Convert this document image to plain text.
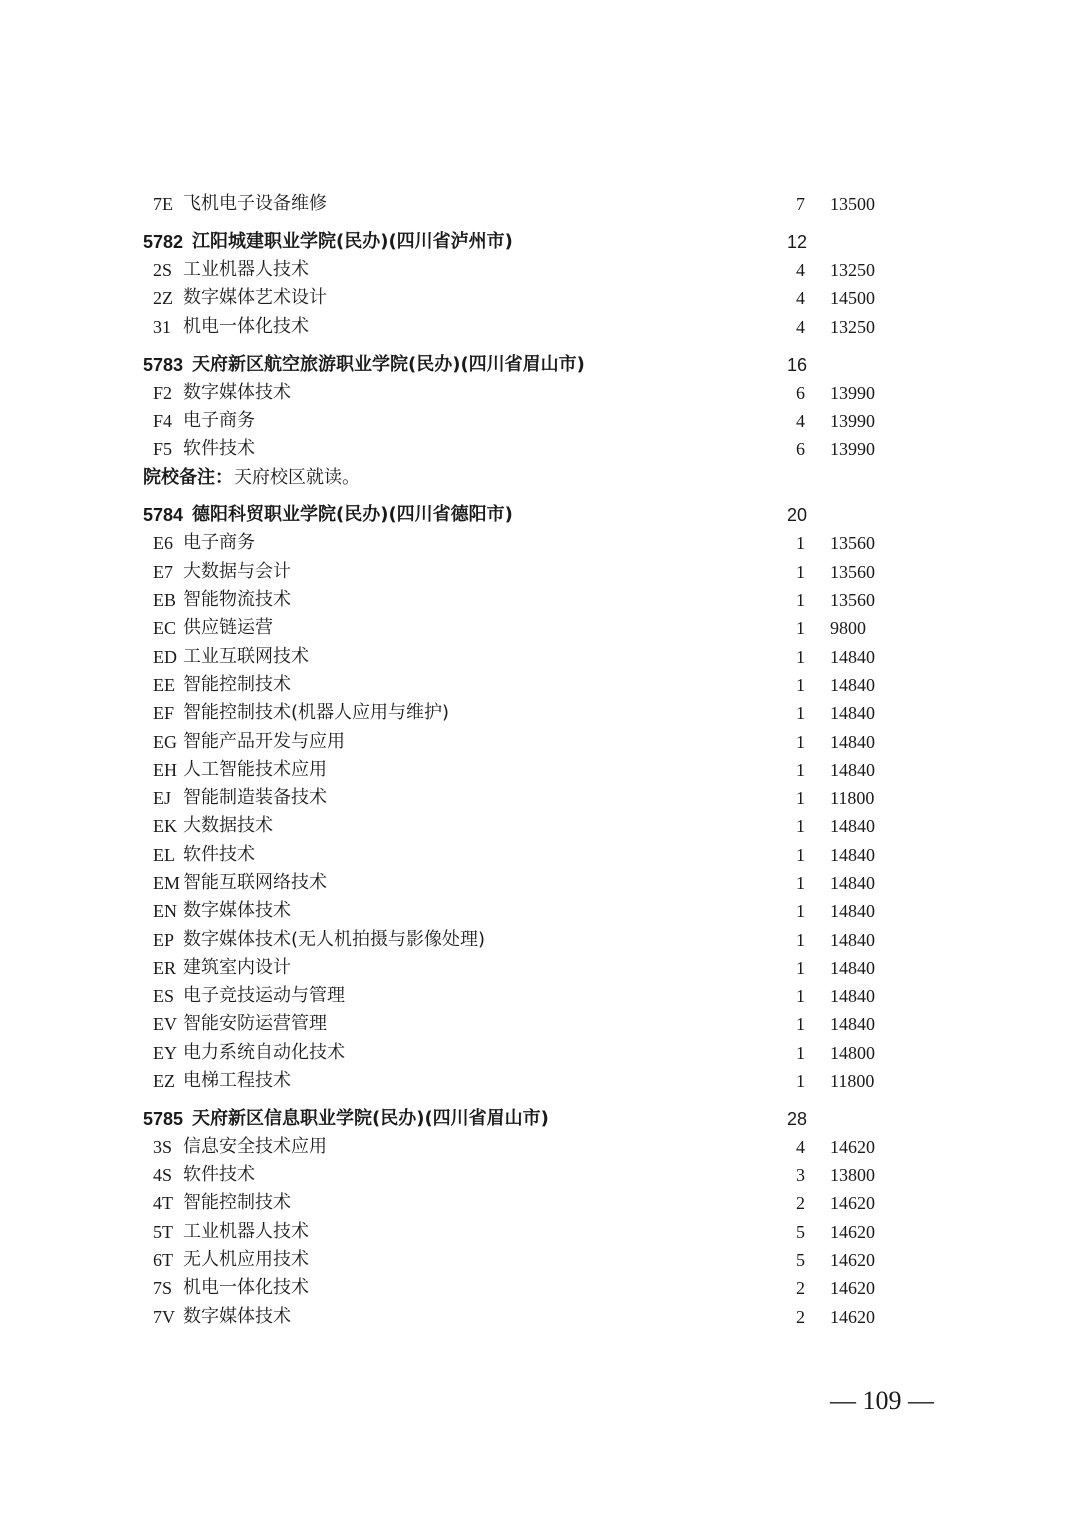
7E 飞机电子设备维修	7 13500
5782 江阳城建职业学院(民办)(四川省泸州市)	12
2S 工业机器人技术	4 13250
2Z 数字媒体艺术设计	4 14500
31 机电一体化技术	4 13250
5783 天府新区航空旅游职业学院(民办)(四川省眉山市)	16
F2 数字媒体技术	6 13990
F4 电子商务	4 13990
F5 软件技术	6 13990
院校备注： 天府校区就读。
5784 德阳科贸职业学院(民办)(四川省德阳市)	20
E6 电子商务	1 13560
E7 大数据与会计	1 13560
EB 智能物流技术	1 13560
EC 供应链运营	1 9800
ED 工业互联网技术	1 14840
EE 智能控制技术	1 14840
EF 智能控制技术(机器人应用与维护)	1 14840
EG 智能产品开发与应用	1 14840
EH 人工智能技术应用	1 14840
EJ 智能制造装备技术	1 11800
EK 大数据技术	1 14840
EL 软件技术	1 14840
EM 智能互联网络技术	1 14840
EN 数字媒体技术	1 14840
EP 数字媒体技术(无人机拍摄与影像处理)	1 14840
ER 建筑室内设计	1 14840
ES 电子竞技运动与管理	1 14840
EV 智能安防运营管理	1 14840
EY 电力系统自动化技术	1 14800
EZ 电梯工程技术	1 11800
5785 天府新区信息职业学院(民办)(四川省眉山市)	28
3S 信息安全技术应用	4 14620
4S 软件技术	3 13800
4T 智能控制技术	2 14620
5T 工业机器人技术	5 14620
6T 无人机应用技术	5 14620
7S 机电一体化技术	2 14620
7V 数字媒体技术	2 14620
— 109 —
